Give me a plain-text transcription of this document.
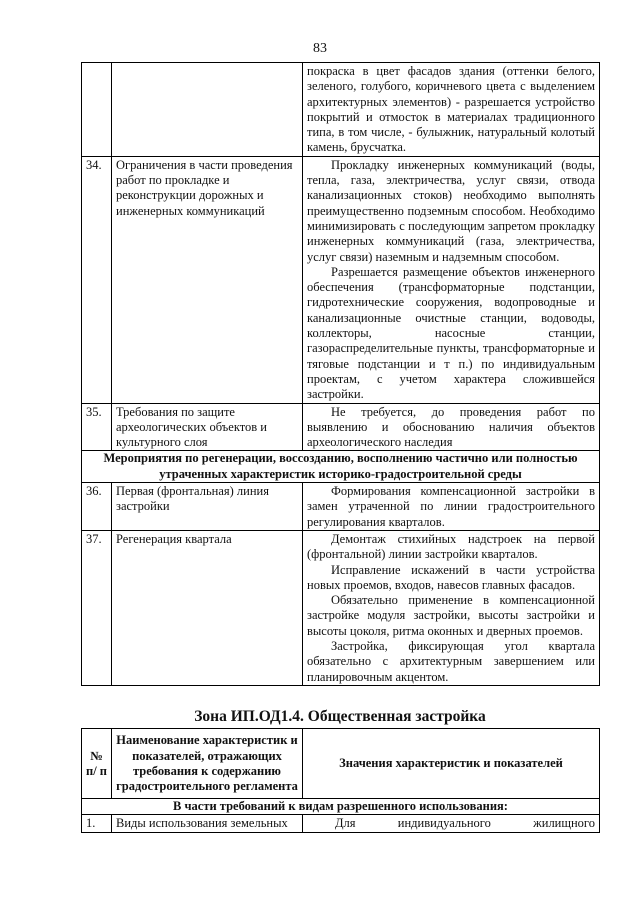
83

		покраска в цвет фасадов здания (оттенки белого, зеленого, голубого, коричневого цвета с выделением архитектурных элементов) - разрешается устройство покрытий и отмосток в материалах традиционного типа, в том числе, - булыжник, натуральный колотый камень, брусчатка.

34.	Ограничения в части проведения работ по прокладке и реконструкции дорожных и инженерных коммуникаций	Прокладку инженерных коммуникаций (воды, тепла, газа, электричества, услуг связи, отвода канализационных стоков) необходимо выполнять преимущественно подземным способом. Необходимо минимизировать с последующим запретом прокладку инженерных коммуникаций (газа, электричества, услуг связи) наземным и надземным способом.

Разрешается размещение объектов инженерного обеспечения (трансформаторные подстанции, гидротехнические сооружения, водопроводные и канализационные очистные станции, водоводы, коллекторы, насосные станции, газораспределительные пункты, трансформаторные и тяговые подстанции и т п.) по индивидуальным проектам, с учетом характера сложившейся застройки.

35.	Требования по защите археологических объектов и культурного слоя	Не требуется, до проведения работ по выявлению и обоснованию наличия объектов археологического наследия

Мероприятия по регенерации, воссозданию, восполнению частично или полностью утраченных характеристик историко-градостроительной среды		
36.	Первая (фронтальная) линия застройки	Формирования компенсационной застройки в замен утраченной по линии градостроительного регулирования кварталов.

37.	Регенерация квартала	Демонтаж стихийных надстроек на первой (фронтальной) линии застройки кварталов.

Исправление искажений в части устройства новых проемов, входов, навесов главных фасадов.

Обязательно применение в компенсационной застройке модуля застройки, высоты застройки и высоты цоколя, ритма оконных и дверных проемов.

Застройка, фиксирующая угол квартала обязательно с архитектурным завершением или планировочным акцентом.

Зона ИП.ОД1.4. Общественная застройка
№ п/ п	Наименование характеристик и показателей, отражающих требования к содержанию градостроительного регламента	Значения характеристик и показателей
В части требований к видам разрешенного использования:		
1.	Виды использования земельных	Для индивидуального жилищного
